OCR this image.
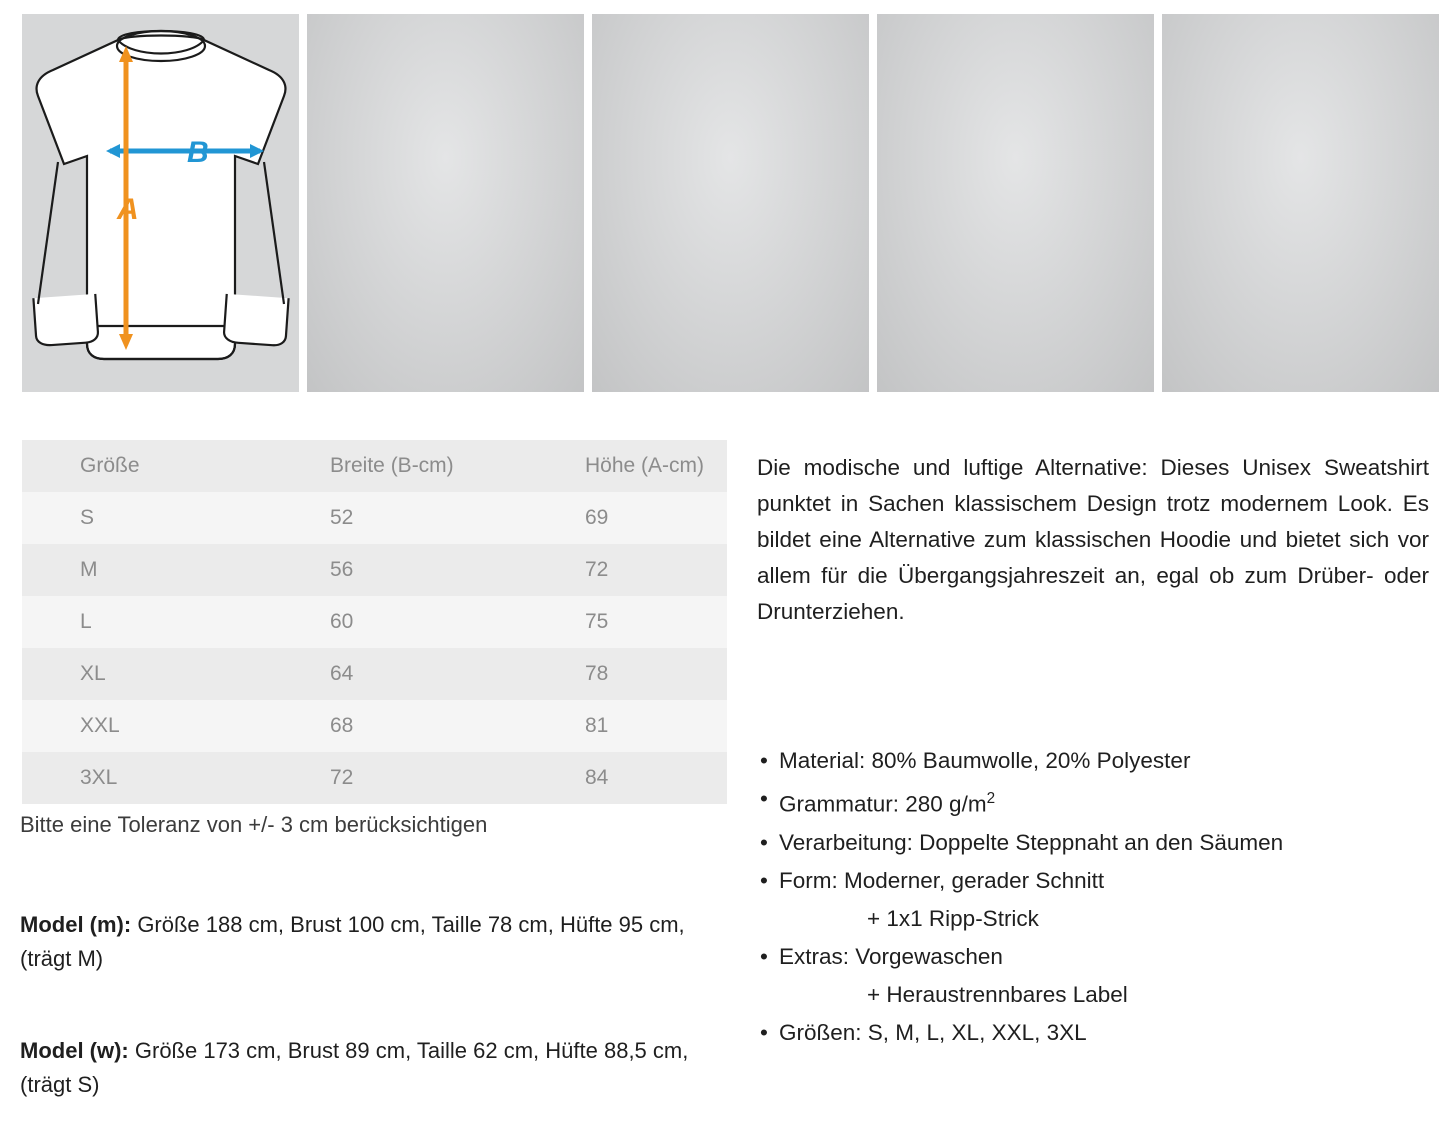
B
A
Größe	Breite (B-cm)	Höhe (A-cm)
S	52	69
M	56	72
L	60	75
XL	64	78
XXL	68	81
3XL	72	84
Bitte eine Toleranz von +/- 3 cm berücksichtigen
Model (m): Größe 188 cm, Brust 100 cm, Taille 78 cm, Hüfte 95 cm, (trägt M)
Model (w): Größe 173 cm, Brust 89 cm, Taille 62 cm, Hüfte 88,5 cm, (trägt S)
Die modische und luftige Alternative: Dieses Unisex Sweatshirt punktet in Sachen klassischem Design trotz modernem Look. Es bildet eine Alternative zum klassischen Hoodie und bietet sich vor allem für die Übergangsjahreszeit an, egal ob zum Drüber- oder Drunterziehen.
• Material: 80% Baumwolle, 20% Polyester
• Grammatur: 280 $g/m^2$
• Verarbeitung: Doppelte Steppnaht an den Säumen
• Form: Moderner, gerader Schnitt
+ 1x1 Ripp-Strick
• Extras: Vorgewaschen
+ Heraustrennbares Label
• Größen: S, M, L, XL, XXL, 3XL
